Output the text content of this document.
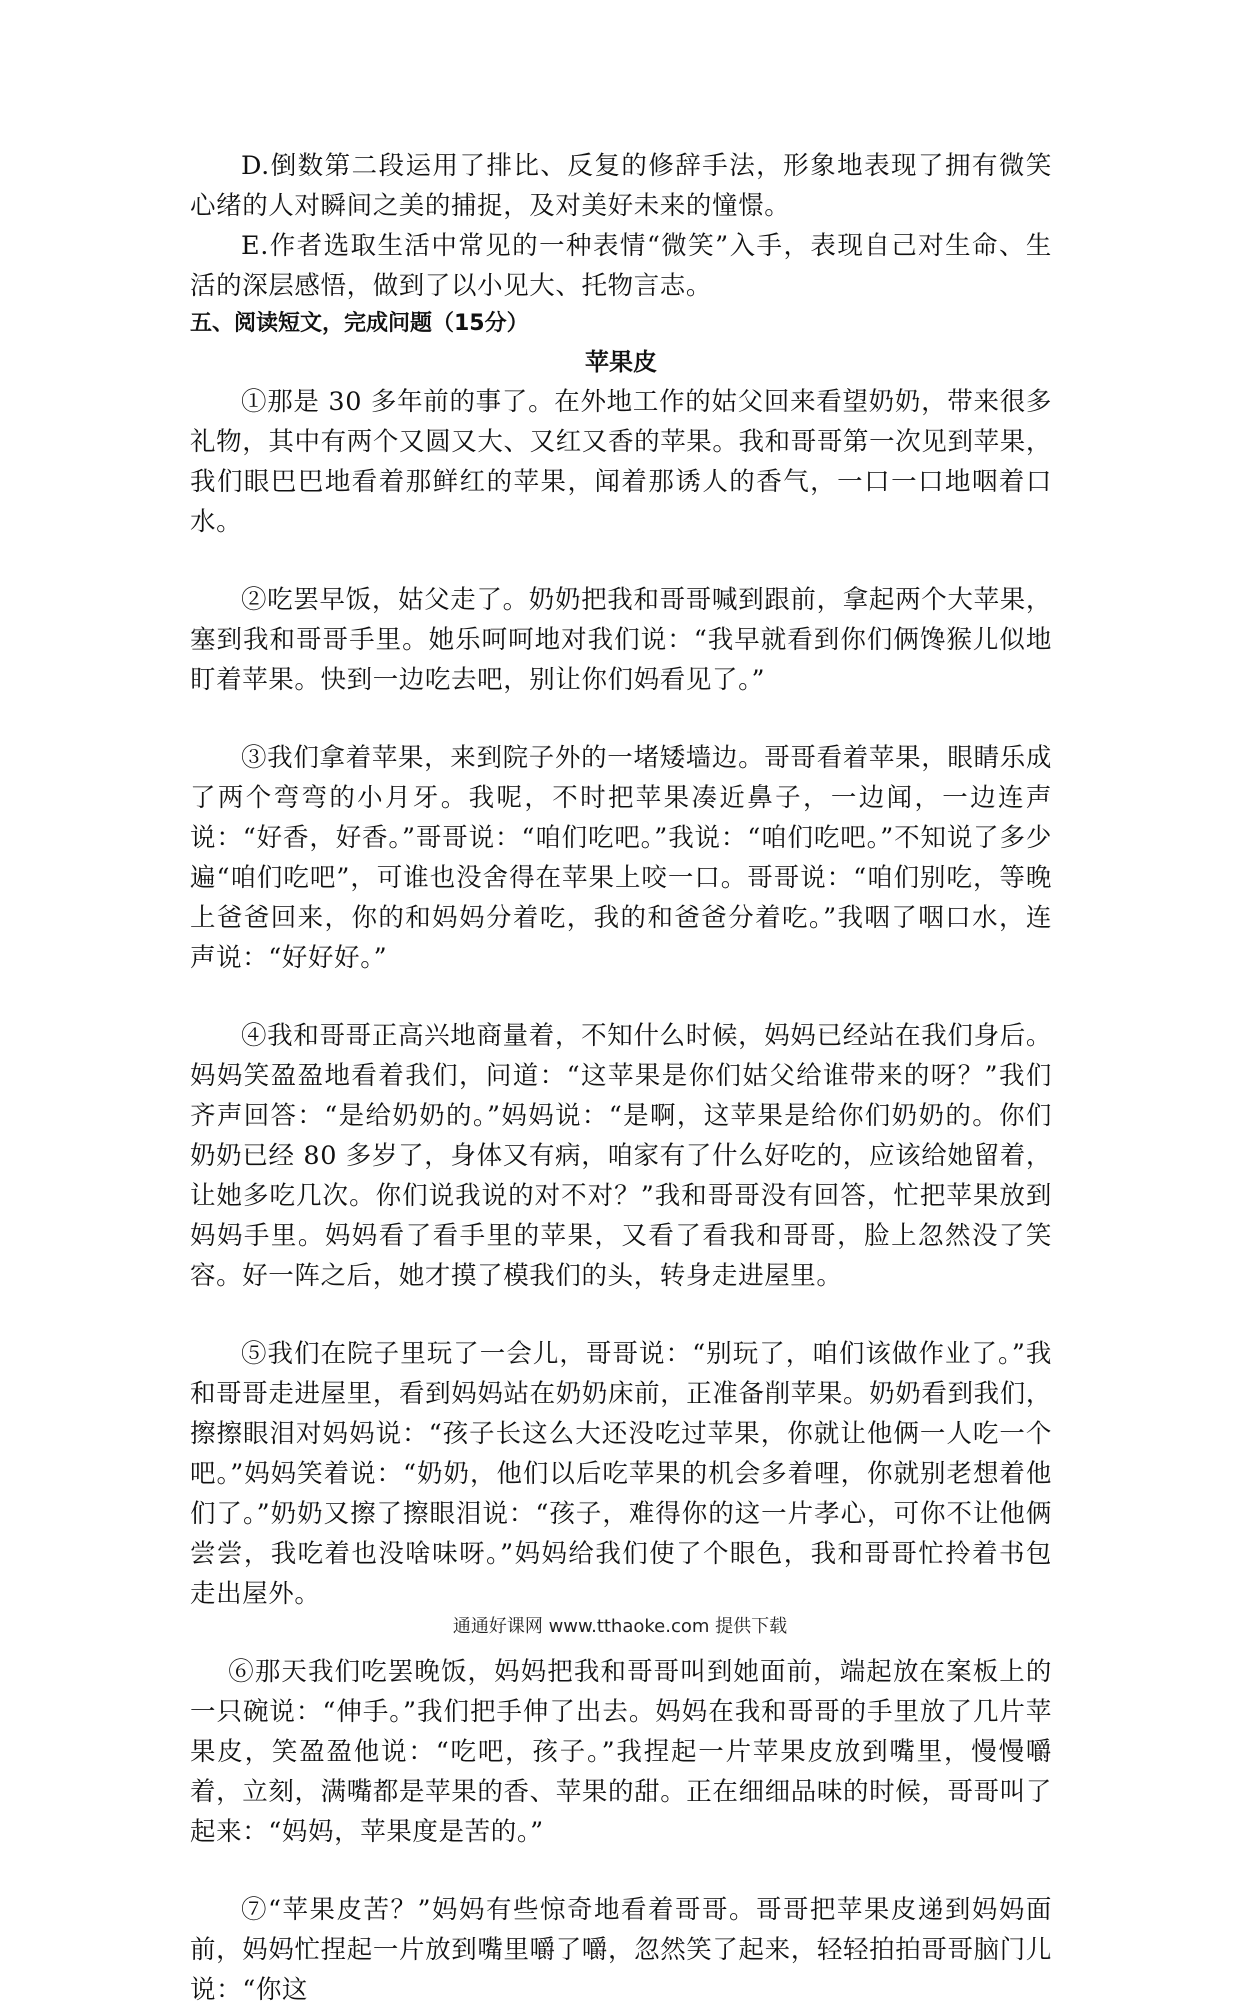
D.倒数第二段运用了排比、反复的修辞手法，形象地表现了拥有微笑心绪的人对瞬间之美的捕捉，及对美好未来的憧憬。

E.作者选取生活中常见的一种表情“微笑”入手，表现自己对生命、生活的深层感悟，做到了以小见大、托物言志。

五、阅读短文，完成问题（15分）

苹果皮

①那是 30 多年前的事了。在外地工作的姑父回来看望奶奶，带来很多礼物，其中有两个又圆又大、又红又香的苹果。我和哥哥第一次见到苹果，我们眼巴巴地看着那鲜红的苹果，闻着那诱人的香气，一口一口地咽着口水。

②吃罢早饭，姑父走了。奶奶把我和哥哥喊到跟前，拿起两个大苹果，塞到我和哥哥手里。她乐呵呵地对我们说：“我早就看到你们俩馋猴儿似地盯着苹果。快到一边吃去吧，别让你们妈看见了。”

③我们拿着苹果，来到院子外的一堵矮墙边。哥哥看着苹果，眼睛乐成了两个弯弯的小月牙。我呢，不时把苹果凑近鼻子，一边闻，一边连声说：“好香，好香。”哥哥说：“咱们吃吧。”我说：“咱们吃吧。”不知说了多少遍“咱们吃吧”，可谁也没舍得在苹果上咬一口。哥哥说：“咱们别吃，等晚上爸爸回来，你的和妈妈分着吃，我的和爸爸分着吃。”我咽了咽口水，连声说：“好好好。”

④我和哥哥正高兴地商量着，不知什么时候，妈妈已经站在我们身后。妈妈笑盈盈地看着我们，问道：“这苹果是你们姑父给谁带来的呀？”我们齐声回答：“是给奶奶的。”妈妈说：“是啊，这苹果是给你们奶奶的。你们奶奶已经 80 多岁了，身体又有病，咱家有了什么好吃的，应该给她留着，让她多吃几次。你们说我说的对不对？”我和哥哥没有回答，忙把苹果放到妈妈手里。妈妈看了看手里的苹果，又看了看我和哥哥，脸上忽然没了笑容。好一阵之后，她才摸了模我们的头，转身走进屋里。

⑤我们在院子里玩了一会儿，哥哥说：“别玩了，咱们该做作业了。”我和哥哥走进屋里，看到妈妈站在奶奶床前，正准备削苹果。奶奶看到我们，擦擦眼泪对妈妈说：“孩子长这么大还没吃过苹果，你就让他俩一人吃一个吧。”妈妈笑着说：“奶奶，他们以后吃苹果的机会多着哩，你就别老想着他们了。”奶奶又擦了擦眼泪说：“孩子，难得你的这一片孝心，可你不让他俩尝尝，我吃着也没啥味呀。”妈妈给我们使了个眼色，我和哥哥忙拎着书包走出屋外。

⑥那天我们吃罢晚饭，妈妈把我和哥哥叫到她面前，端起放在案板上的一只碗说：“伸手。”我们把手伸了出去。妈妈在我和哥哥的手里放了几片苹果皮，笑盈盈他说：“吃吧，孩子。”我捏起一片苹果皮放到嘴里，慢慢嚼着，立刻，满嘴都是苹果的香、苹果的甜。正在细细品味的时候，哥哥叫了起来：“妈妈，苹果度是苦的。”

⑦“苹果皮苦？”妈妈有些惊奇地看着哥哥。哥哥把苹果皮递到妈妈面前，妈妈忙捏起一片放到嘴里嚼了嚼，忽然笑了起来，轻轻拍拍哥哥脑门儿说：“你这

通通好课网 www.tthaoke.com 提供下载
